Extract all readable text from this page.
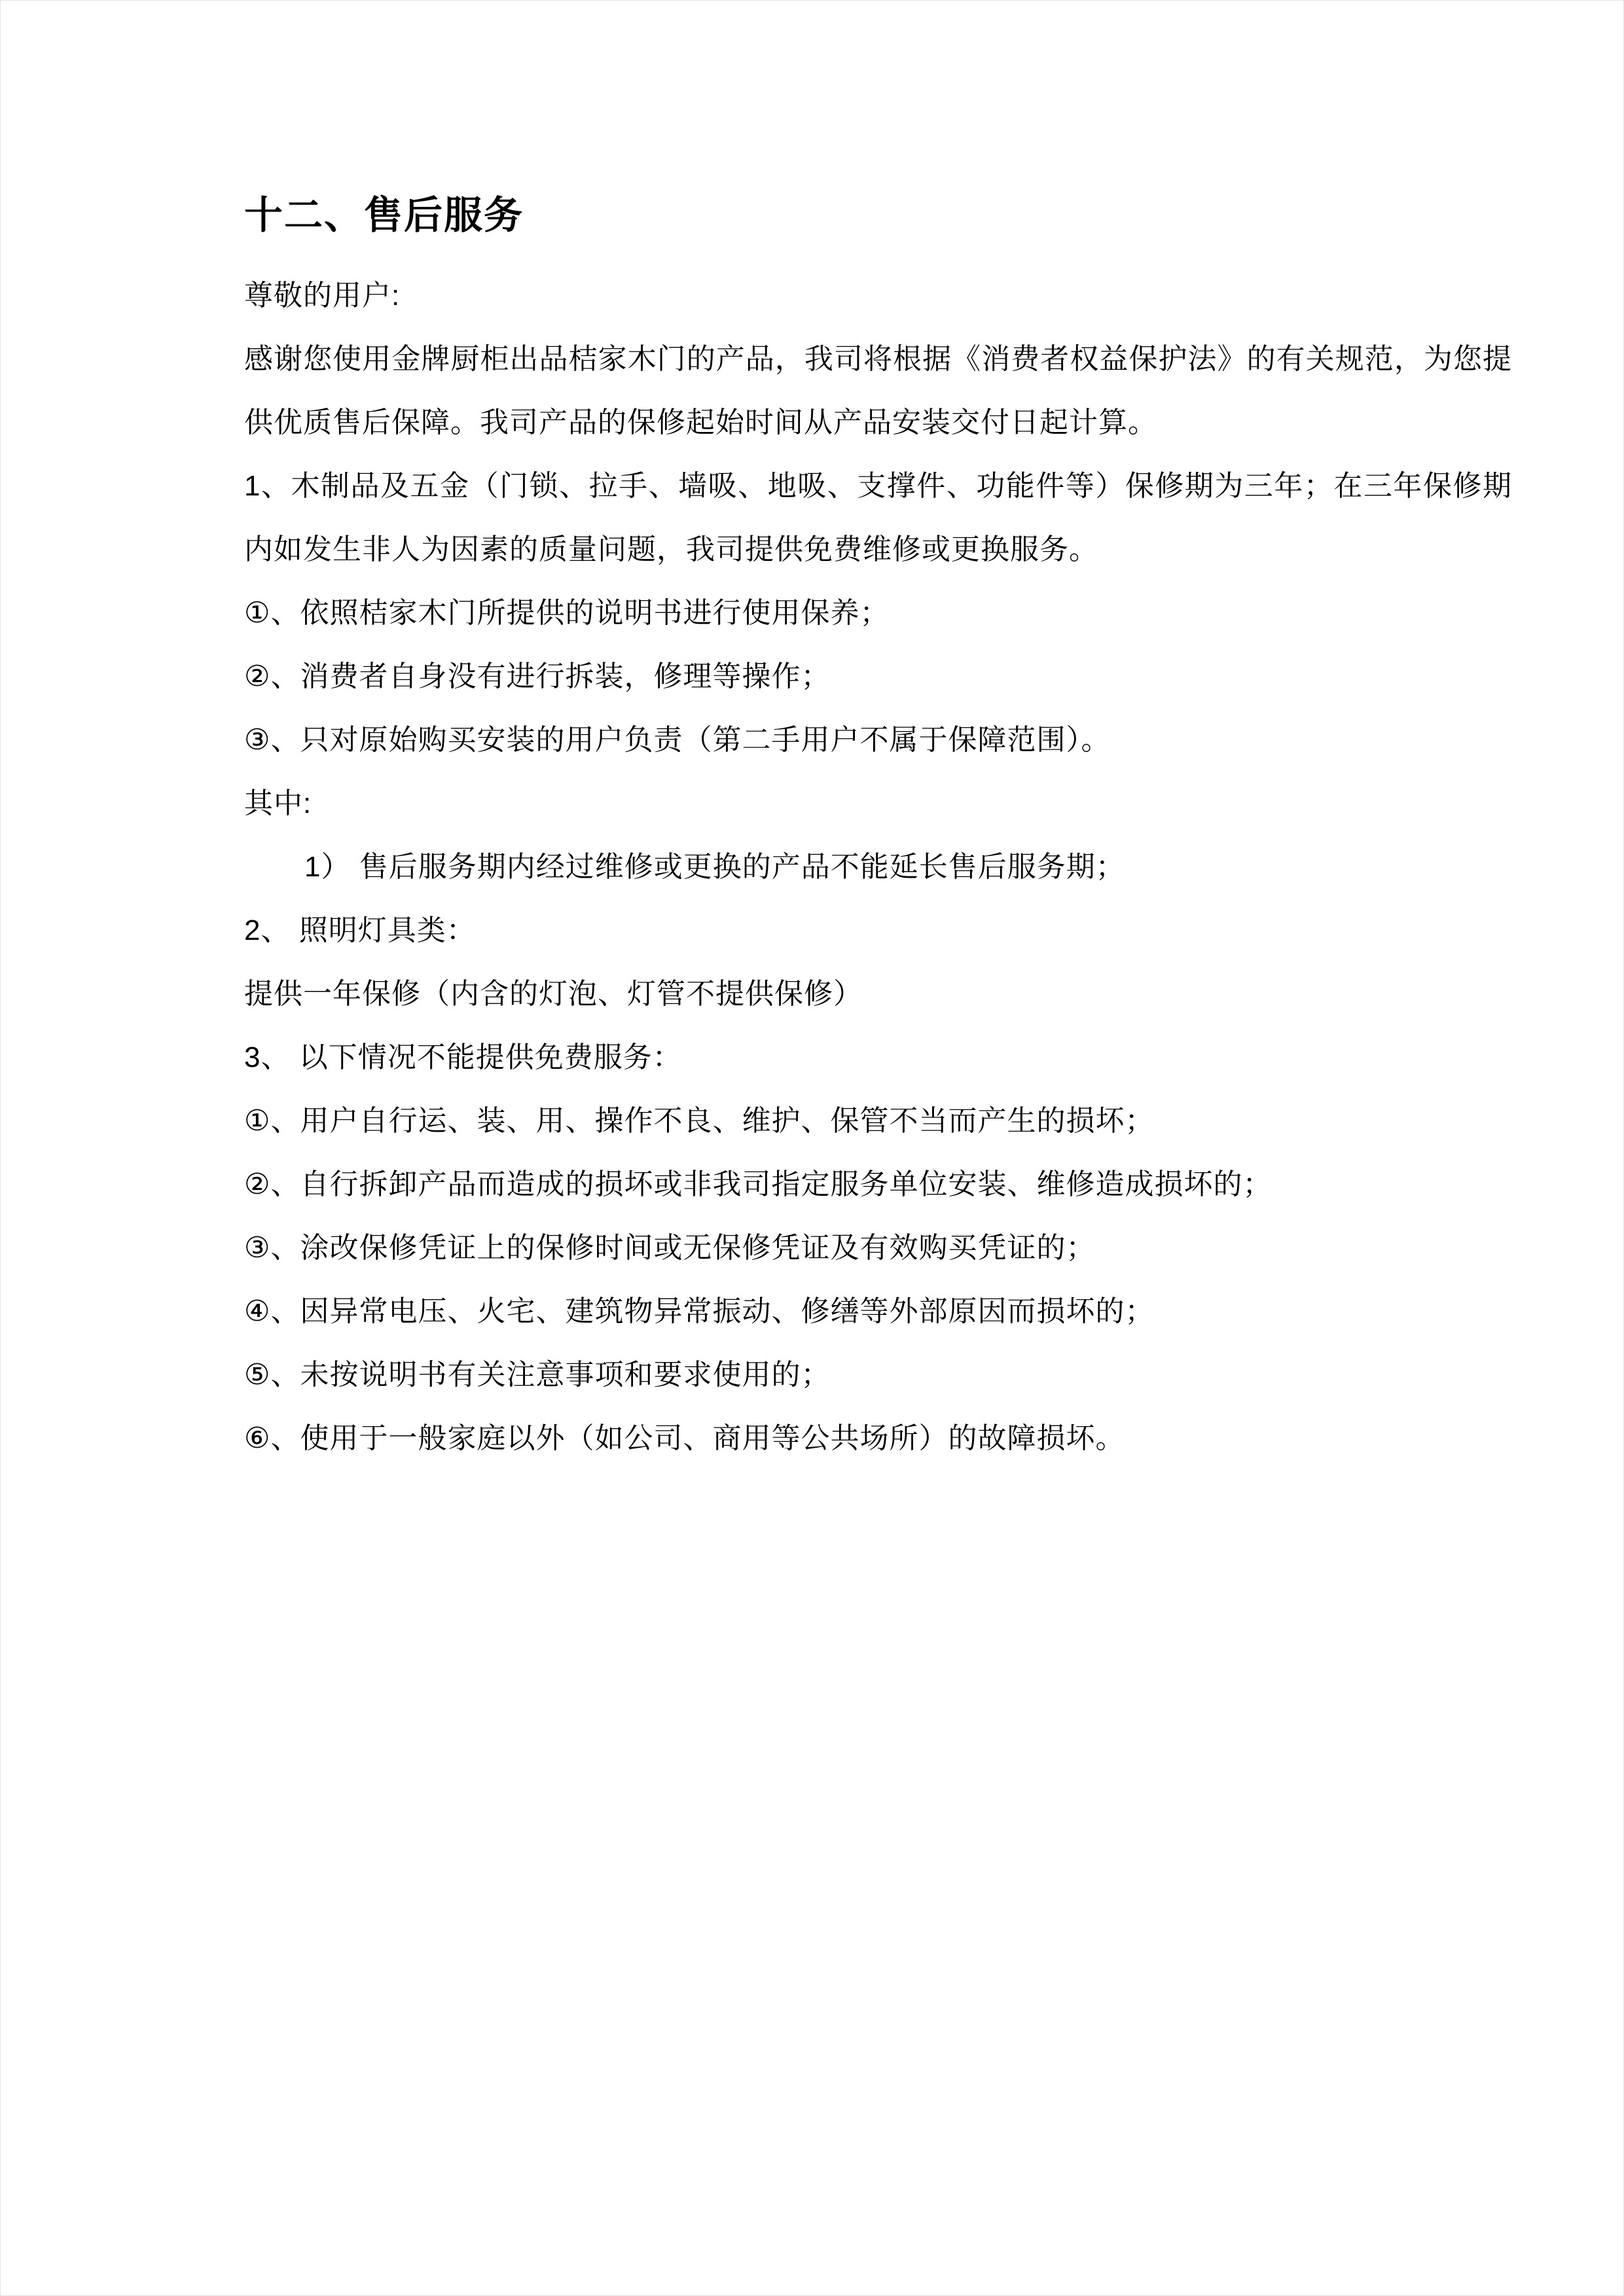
十二、售后服务

尊敬的用户:

感谢您使用金牌厨柜出品桔家木门的产品，我司将根据《消费者权益保护法》的有关规范，为您提供优质售后保障。我司产品的保修起始时间从产品安装交付日起计算。

1、木制品及五金（门锁、拉手、墙吸、地吸、支撑件、功能件等）保修期为三年；在三年保修期内如发生非人为因素的质量问题，我司提供免费维修或更换服务。

①、依照桔家木门所提供的说明书进行使用保养；

②、消费者自身没有进行拆装，修理等操作；

③、只对原始购买安装的用户负责（第二手用户不属于保障范围）。

其中:

1） 售后服务期内经过维修或更换的产品不能延长售后服务期；

2、 照明灯具类：

提供一年保修（内含的灯泡、灯管不提供保修）

3、 以下情况不能提供免费服务：

①、用户自行运、装、用、操作不良、维护、保管不当而产生的损坏；

②、自行拆卸产品而造成的损坏或非我司指定服务单位安装、维修造成损坏的；

③、涂改保修凭证上的保修时间或无保修凭证及有效购买凭证的；

④、因异常电压、火宅、建筑物异常振动、修缮等外部原因而损坏的；

⑤、未按说明书有关注意事项和要求使用的；

⑥、使用于一般家庭以外（如公司、商用等公共场所）的故障损坏。
